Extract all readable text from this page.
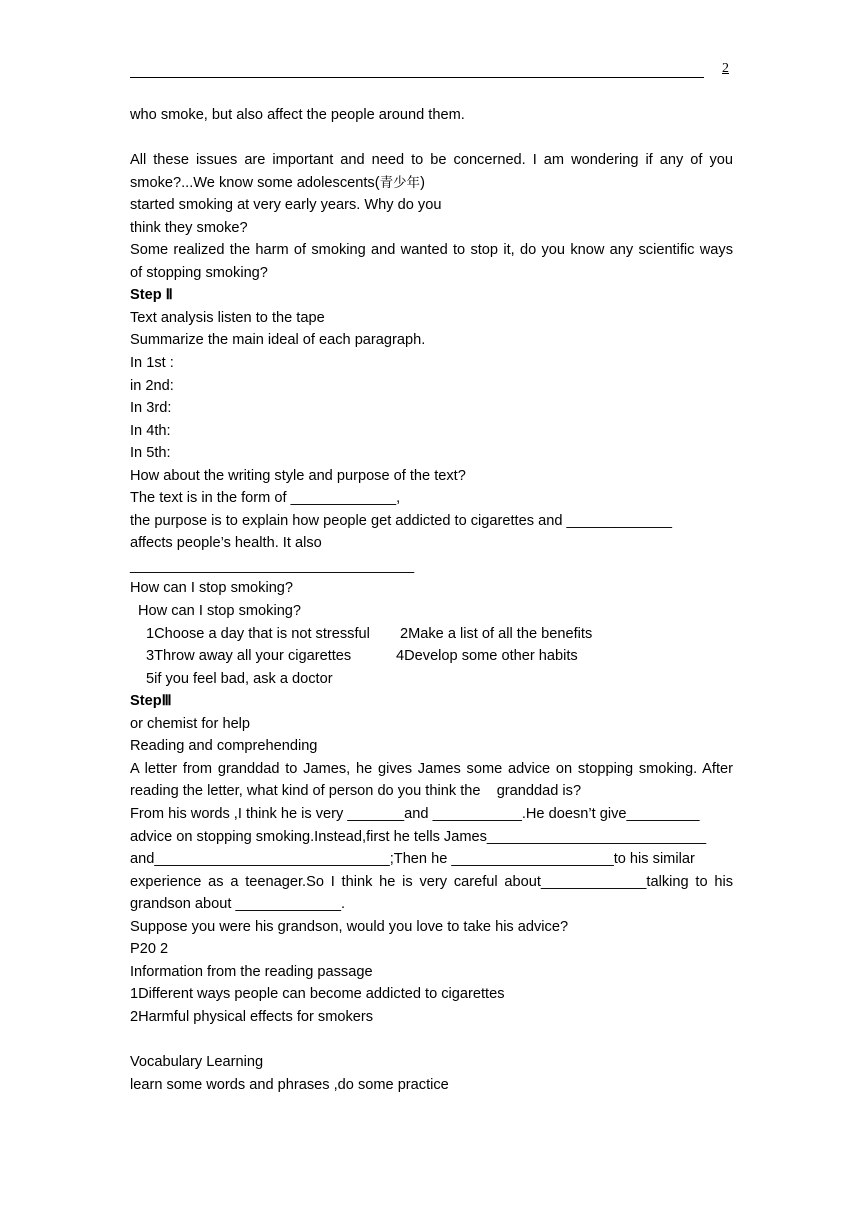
2
who smoke, but also affect the people around them.
All these issues are important and need to be concerned. I am wondering if any of you
smoke?...We know some adolescents(青少年)
started smoking at very early years. Why do you
think they smoke?
Some realized the harm of smoking and wanted to stop it, do you know any scientific ways
of stopping smoking?
Step Ⅱ
Text analysis listen to the tape
Summarize the main ideal of each paragraph.
In 1st :
in 2nd:
In 3rd:
In 4th:
In 5th:
How about the writing style and purpose of the text?
The text is in the form of _____________,
the purpose is to explain how people get addicted to cigarettes and _____________
affects people’s health. It also
___________________________________
How can I stop smoking?
How can I stop smoking?
1Choose a day that is not stressful 2Make a list of all the benefits
3Throw away all your cigarettes	4Develop some other habits
5if you feel bad, ask a doctor
StepⅢ
or chemist for help
Reading and comprehending
A letter from granddad to James, he gives James some advice on stopping smoking. After
reading the letter, what kind of person do you think the    granddad is?
From his words ,I think he is very _______and ___________.He doesn’t give_________
advice on stopping smoking.Instead,first he tells James___________________________
and_____________________________;Then he ____________________to his similar
experience as a teenager.So I think he is very careful about_____________talking to his
grandson about _____________.
Suppose you were his grandson, would you love to take his advice?
P20 2
Information from the reading passage
1Different ways people can become addicted to cigarettes
2Harmful physical effects for smokers
Vocabulary Learning
learn some words and phrases ,do some practice
